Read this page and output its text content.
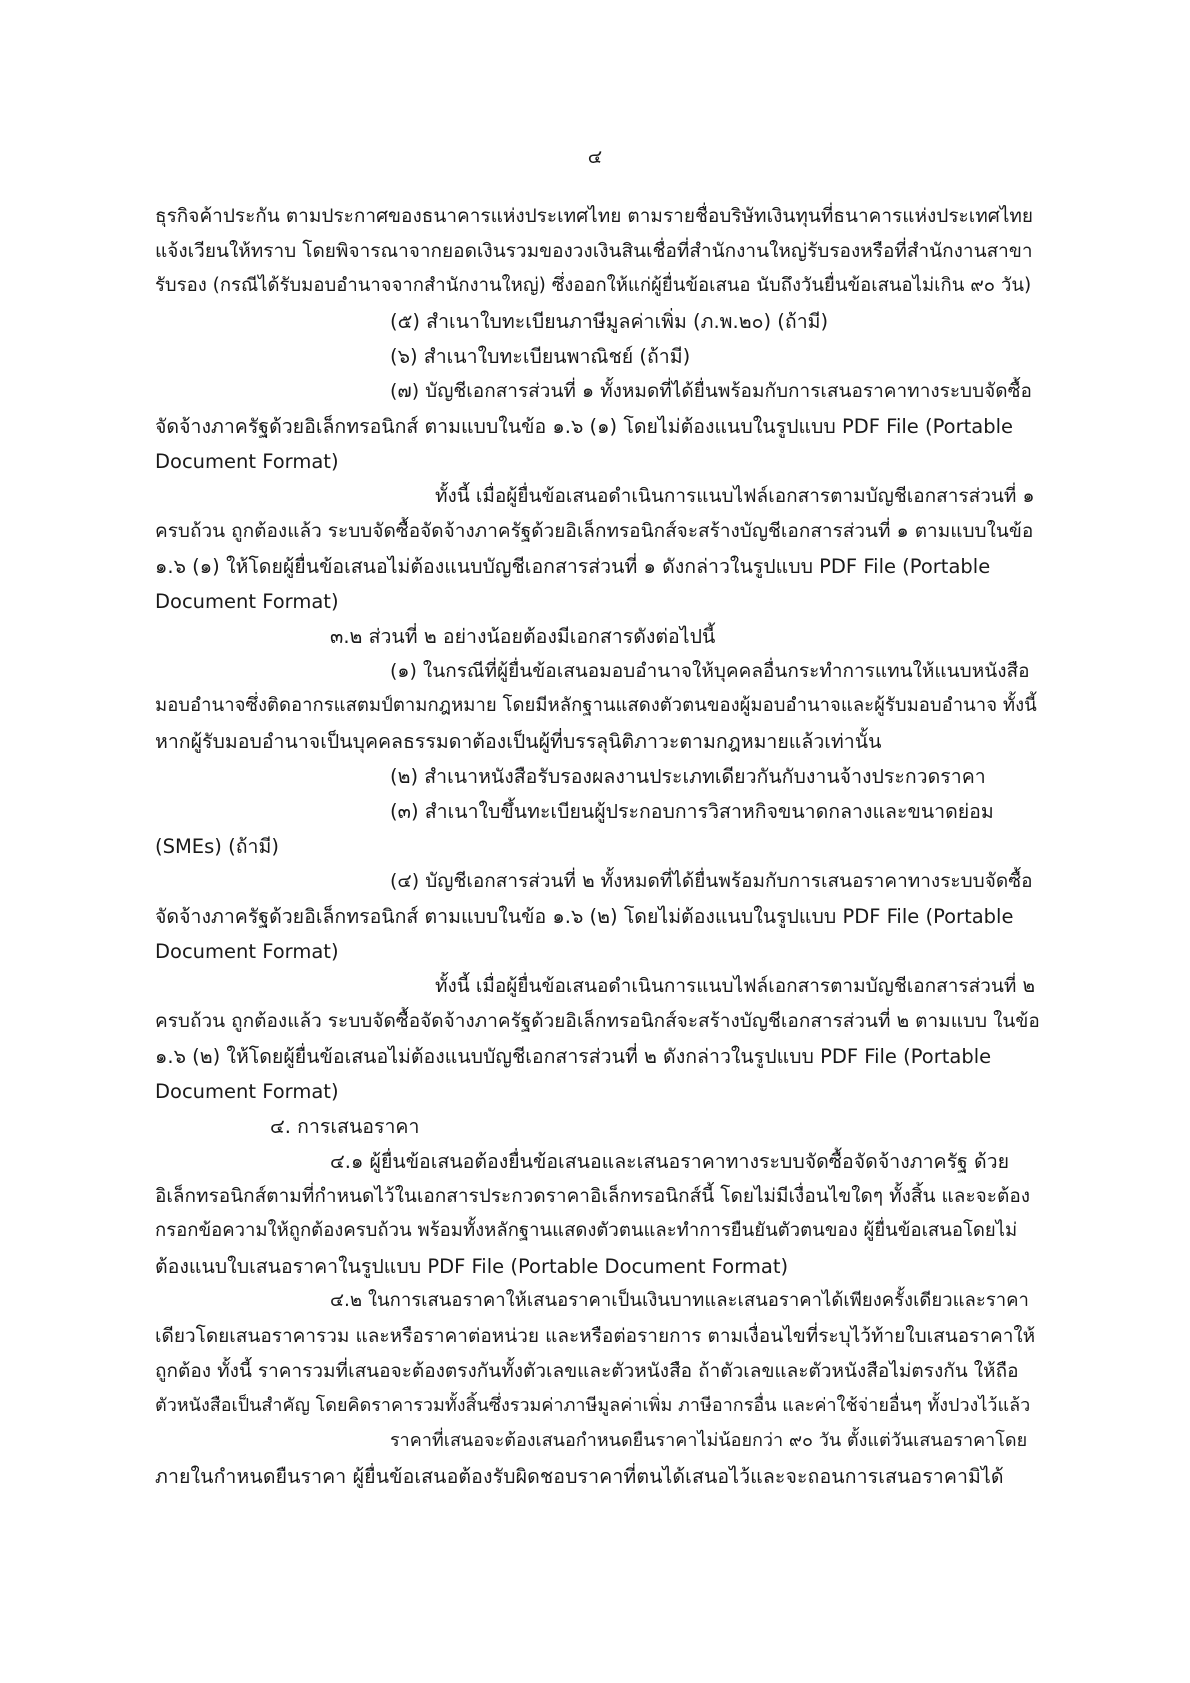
๔
ธุรกิจค้าประกัน ตามประกาศของธนาคารแห่งประเทศไทย ตามรายชื่อบริษัทเงินทุนที่ธนาคารแห่งประเทศไทย
แจ้งเวียนให้ทราบ โดยพิจารณาจากยอดเงินรวมของวงเงินสินเชื่อที่สำนักงานใหญ่รับรองหรือที่สำนักงานสาขา
รับรอง (กรณีได้รับมอบอำนาจจากสำนักงานใหญ่) ซึ่งออกให้แก่ผู้ยื่นข้อเสนอ นับถึงวันยื่นข้อเสนอไม่เกิน ๙๐ วัน)
(๕) สำเนาใบทะเบียนภาษีมูลค่าเพิ่ม (ภ.พ.๒๐) (ถ้ามี)
(๖) สำเนาใบทะเบียนพาณิชย์ (ถ้ามี)
(๗) บัญชีเอกสารส่วนที่ ๑ ทั้งหมดที่ได้ยื่นพร้อมกับการเสนอราคาทางระบบจัดซื้อ
จัดจ้างภาครัฐด้วยอิเล็กทรอนิกส์ ตามแบบในข้อ ๑.๖ (๑) โดยไม่ต้องแนบในรูปแบบ PDF File (Portable
Document Format)
ทั้งนี้ เมื่อผู้ยื่นข้อเสนอดำเนินการแนบไฟล์เอกสารตามบัญชีเอกสารส่วนที่ ๑
ครบถ้วน ถูกต้องแล้ว ระบบจัดซื้อจัดจ้างภาครัฐด้วยอิเล็กทรอนิกส์จะสร้างบัญชีเอกสารส่วนที่ ๑ ตามแบบในข้อ
๑.๖ (๑) ให้โดยผู้ยื่นข้อเสนอไม่ต้องแนบบัญชีเอกสารส่วนที่ ๑ ดังกล่าวในรูปแบบ PDF File (Portable
Document Format)
๓.๒ ส่วนที่ ๒ อย่างน้อยต้องมีเอกสารดังต่อไปนี้
(๑) ในกรณีที่ผู้ยื่นข้อเสนอมอบอำนาจให้บุคคลอื่นกระทำการแทนให้แนบหนังสือ
มอบอำนาจซึ่งติดอากรแสตมป์ตามกฎหมาย โดยมีหลักฐานแสดงตัวตนของผู้มอบอำนาจและผู้รับมอบอำนาจ ทั้งนี้
หากผู้รับมอบอำนาจเป็นบุคคลธรรมดาต้องเป็นผู้ที่บรรลุนิติภาวะตามกฎหมายแล้วเท่านั้น
(๒) สำเนาหนังสือรับรองผลงานประเภทเดียวกันกับงานจ้างประกวดราคา
(๓) สำเนาใบขึ้นทะเบียนผู้ประกอบการวิสาหกิจขนาดกลางและขนาดย่อม
(SMEs) (ถ้ามี)
(๔) บัญชีเอกสารส่วนที่ ๒ ทั้งหมดที่ได้ยื่นพร้อมกับการเสนอราคาทางระบบจัดซื้อ
จัดจ้างภาครัฐด้วยอิเล็กทรอนิกส์ ตามแบบในข้อ ๑.๖ (๒) โดยไม่ต้องแนบในรูปแบบ PDF File (Portable
Document Format)
ทั้งนี้ เมื่อผู้ยื่นข้อเสนอดำเนินการแนบไฟล์เอกสารตามบัญชีเอกสารส่วนที่ ๒
ครบถ้วน ถูกต้องแล้ว ระบบจัดซื้อจัดจ้างภาครัฐด้วยอิเล็กทรอนิกส์จะสร้างบัญชีเอกสารส่วนที่ ๒ ตามแบบ ในข้อ
๑.๖ (๒) ให้โดยผู้ยื่นข้อเสนอไม่ต้องแนบบัญชีเอกสารส่วนที่ ๒ ดังกล่าวในรูปแบบ PDF File (Portable
Document Format)
๔. การเสนอราคา
๔.๑ ผู้ยื่นข้อเสนอต้องยื่นข้อเสนอและเสนอราคาทางระบบจัดซื้อจัดจ้างภาครัฐ ด้วย
อิเล็กทรอนิกส์ตามที่กำหนดไว้ในเอกสารประกวดราคาอิเล็กทรอนิกส์นี้ โดยไม่มีเงื่อนไขใดๆ ทั้งสิ้น และจะต้อง
กรอกข้อความให้ถูกต้องครบถ้วน พร้อมทั้งหลักฐานแสดงตัวตนและทำการยืนยันตัวตนของ ผู้ยื่นข้อเสนอโดยไม่
ต้องแนบใบเสนอราคาในรูปแบบ PDF File (Portable Document Format)
๔.๒ ในการเสนอราคาให้เสนอราคาเป็นเงินบาทและเสนอราคาได้เพียงครั้งเดียวและราคา
เดียวโดยเสนอราคารวม และหรือราคาต่อหน่วย และหรือต่อรายการ ตามเงื่อนไขที่ระบุไว้ท้ายใบเสนอราคาให้
ถูกต้อง ทั้งนี้ ราคารวมที่เสนอจะต้องตรงกันทั้งตัวเลขและตัวหนังสือ ถ้าตัวเลขและตัวหนังสือไม่ตรงกัน ให้ถือ
ตัวหนังสือเป็นสำคัญ โดยคิดราคารวมทั้งสิ้นซึ่งรวมค่าภาษีมูลค่าเพิ่ม ภาษีอากรอื่น และค่าใช้จ่ายอื่นๆ ทั้งปวงไว้แล้ว
ราคาที่เสนอจะต้องเสนอกำหนดยืนราคาไม่น้อยกว่า ๙๐ วัน ตั้งแต่วันเสนอราคาโดย
ภายในกำหนดยืนราคา ผู้ยื่นข้อเสนอต้องรับผิดชอบราคาที่ตนได้เสนอไว้และจะถอนการเสนอราคามิได้
